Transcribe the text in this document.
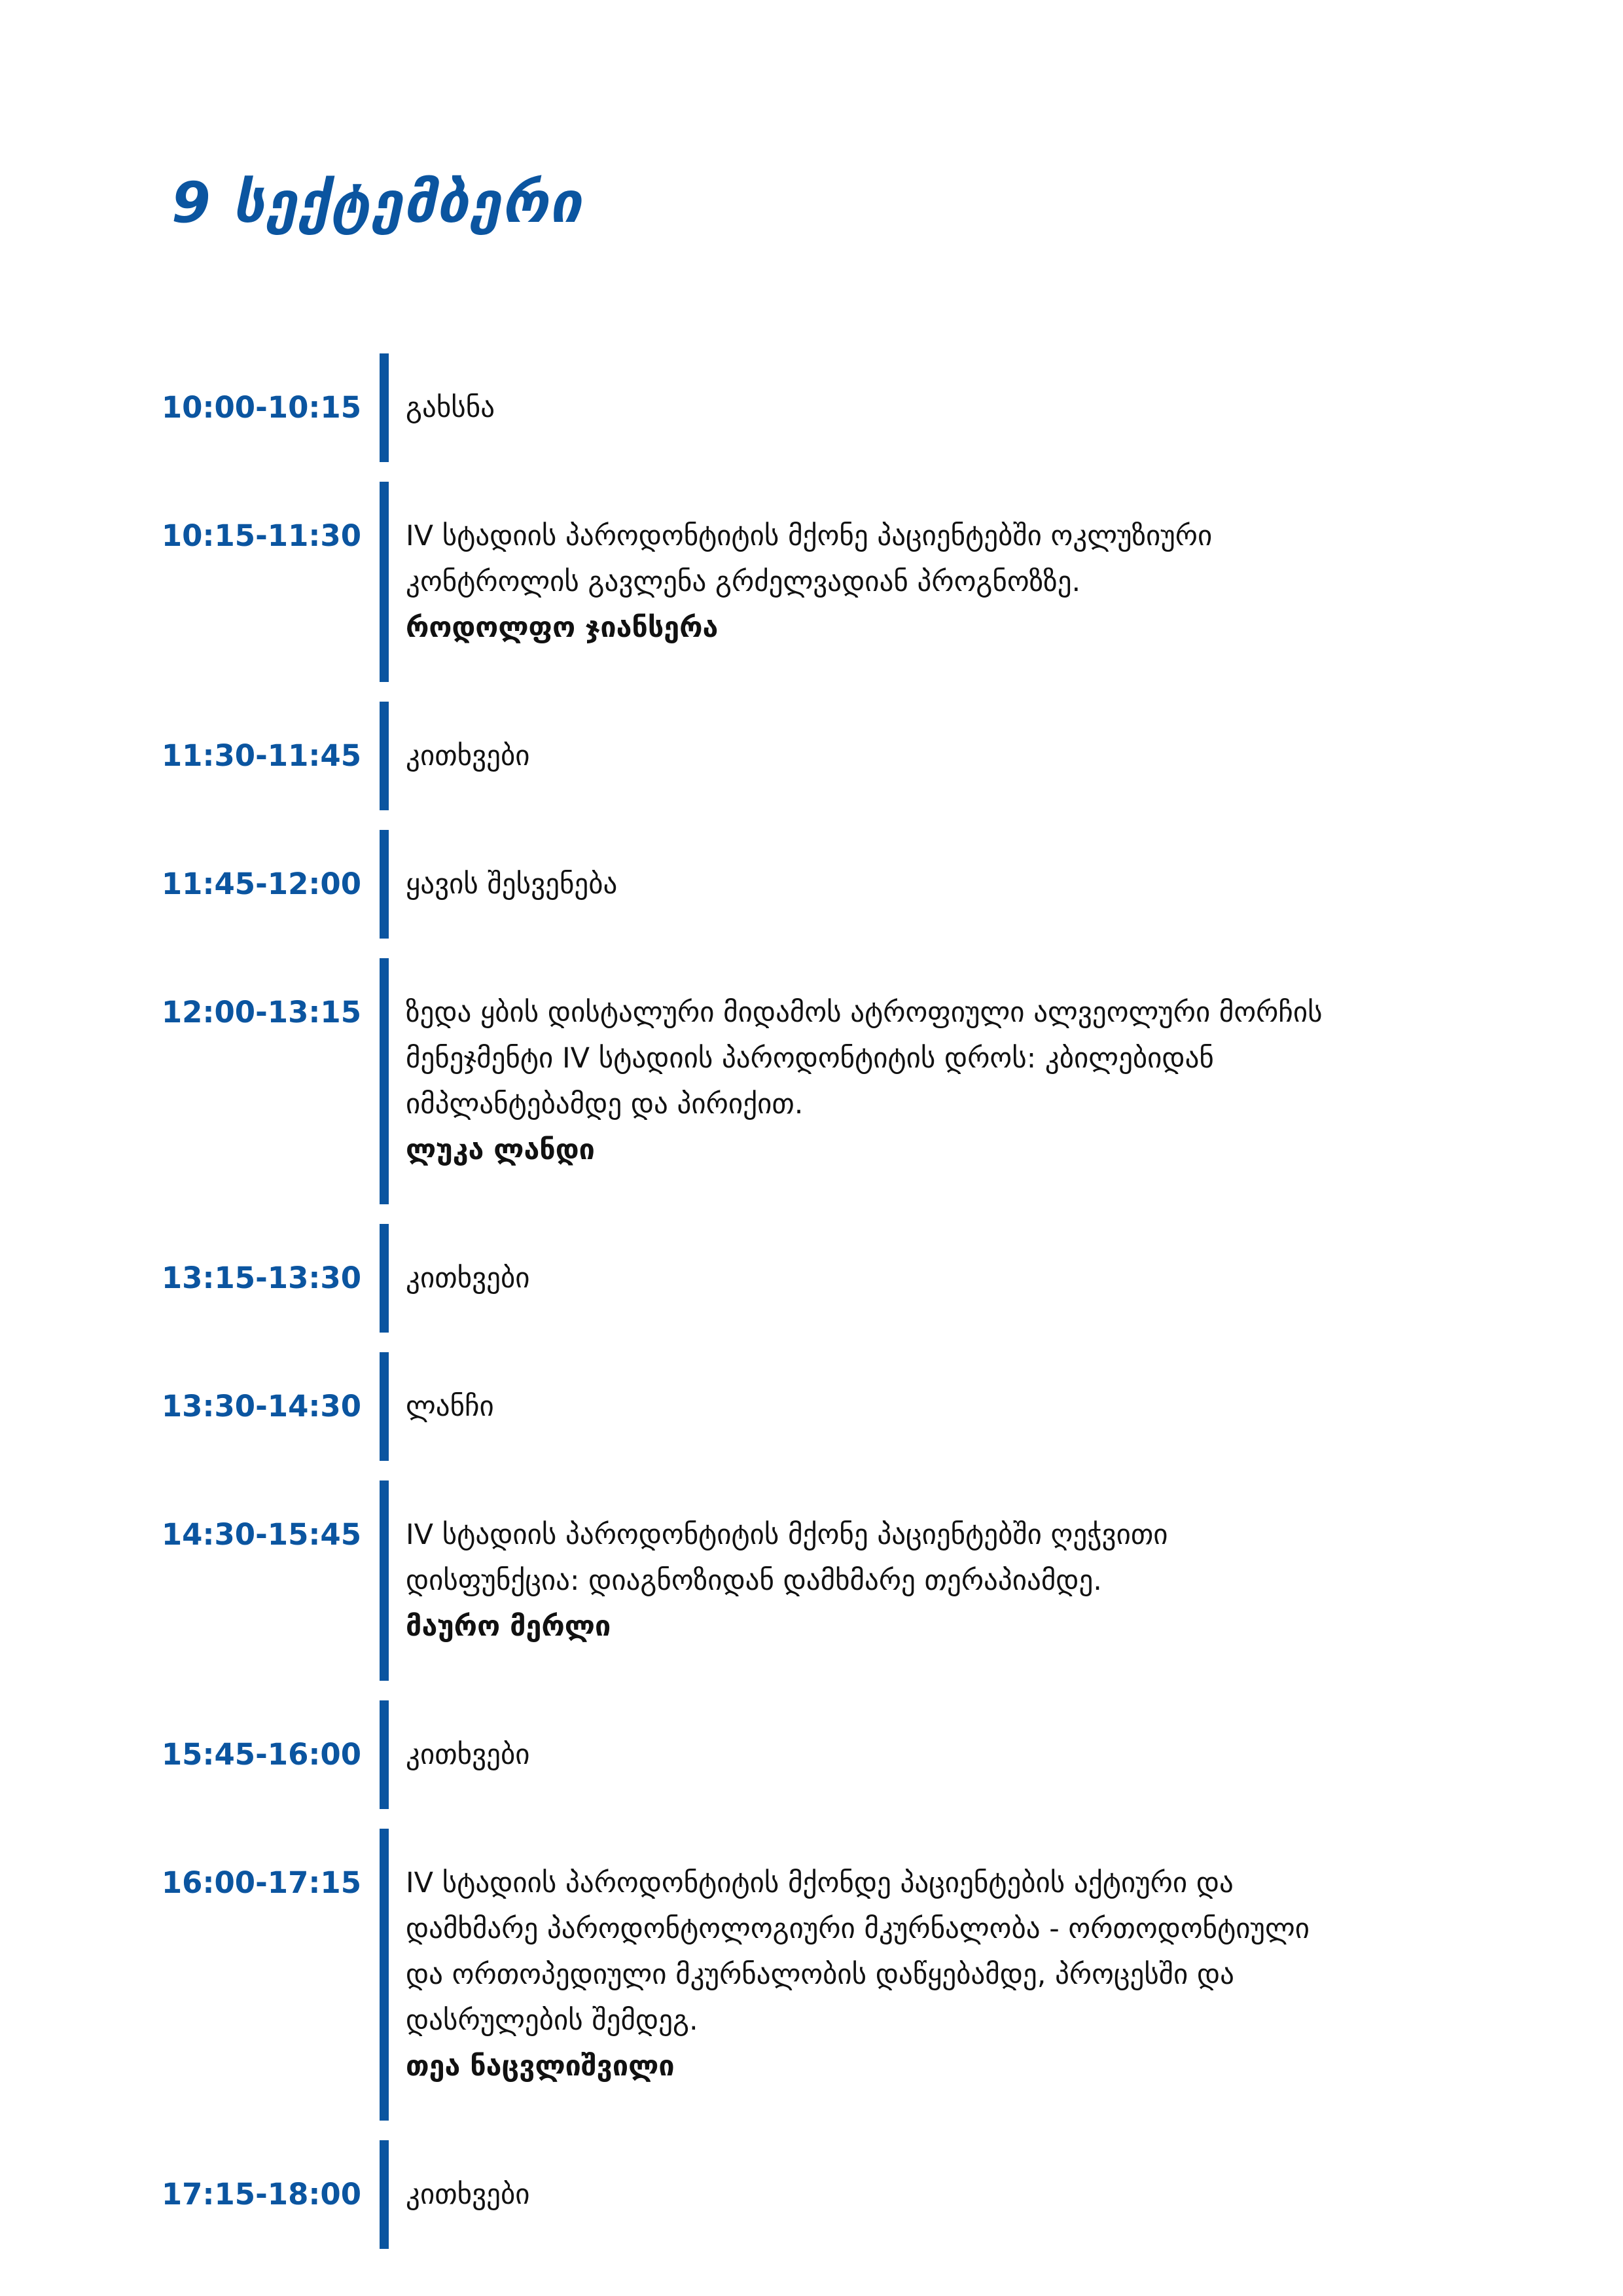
9 სექტემბერი
10:00-10:15 გახსნა
10:15-11:30 IV სტადიის პაროდონტიტის მქონე პაციენტებში ოკლუზიური
კონტროლის გავლენა გრძელვადიან პროგნოზზე.
როდოლფო ჯიანსერა
11:30-11:45 კითხვები
11:45-12:00 ყავის შესვენება
12:00-13:15 ზედა ყბის დისტალური მიდამოს ატროფიული ალვეოლური მორჩის
მენეჯმენტი IV სტადიის პაროდონტიტის დროს: კბილებიდან
იმპლანტებამდე და პირიქით.
ლუკა ლანდი
13:15-13:30 კითხვები
13:30-14:30 ლანჩი
14:30-15:45 IV სტადიის პაროდონტიტის მქონე პაციენტებში ღეჭვითი
დისფუნქცია: დიაგნოზიდან დამხმარე თერაპიამდე.
მაურო მერლი
15:45-16:00 კითხვები
16:00-17:15 IV სტადიის პაროდონტიტის მქონდე პაციენტების აქტიური და
დამხმარე პაროდონტოლოგიური მკურნალობა - ორთოდონტიული
და ორთოპედიული მკურნალობის დაწყებამდე, პროცესში და
დასრულების შემდეგ.
თეა ნაცვლიშვილი
17:15-18:00 კითხვები
